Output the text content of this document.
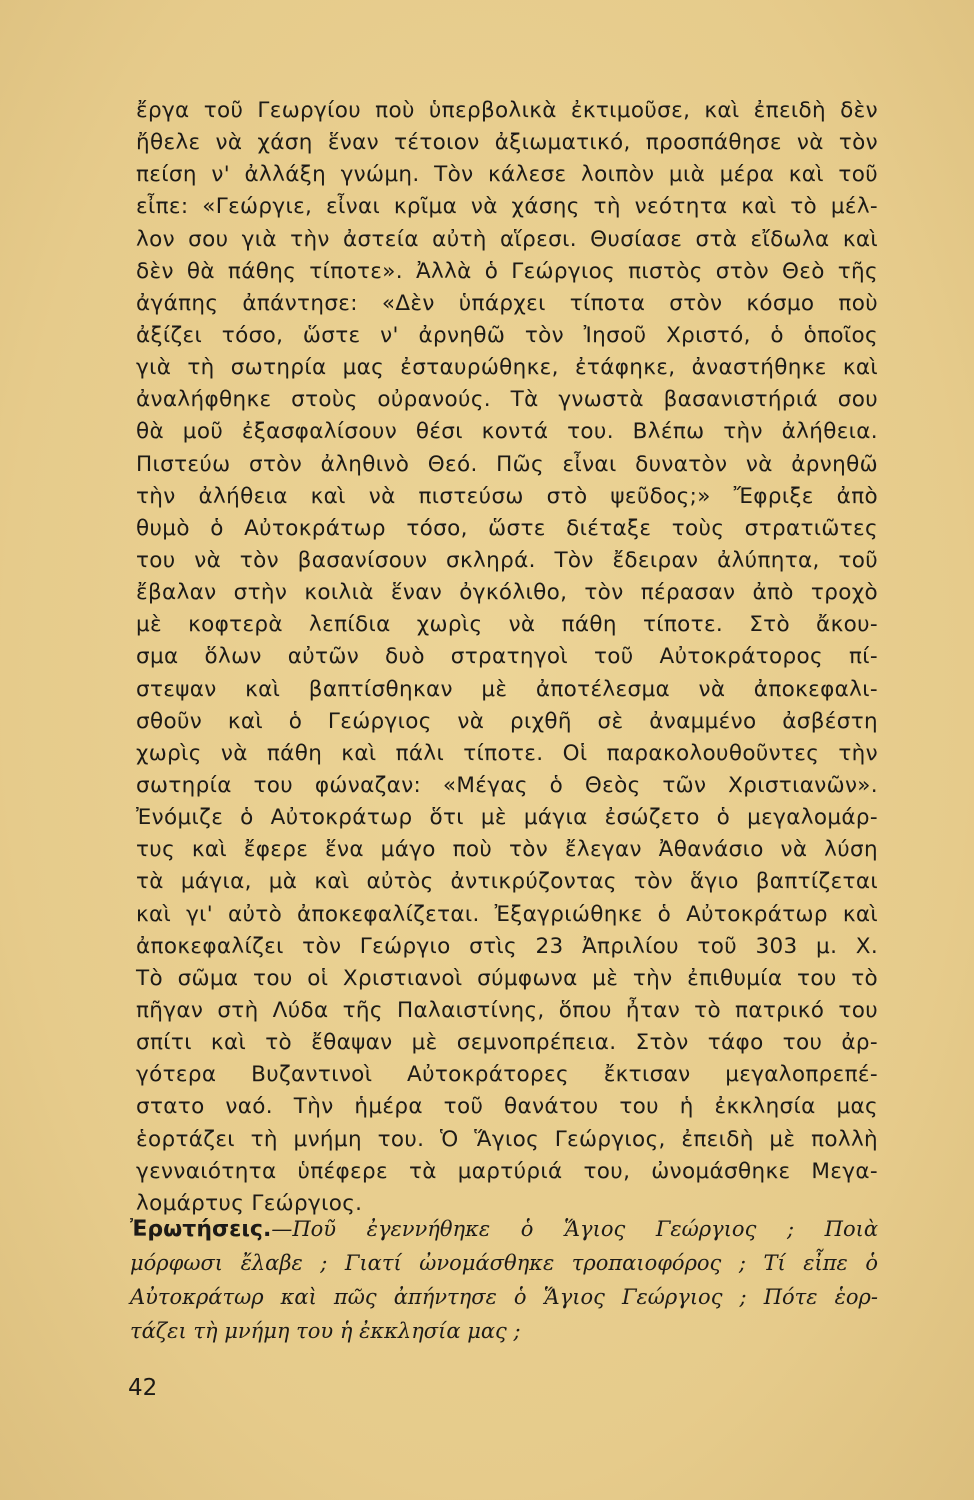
ἔργα τοῦ Γεωργίου ποὺ ὑπερβολικὰ ἐκτιμοῦσε, καὶ ἐπειδὴ δὲν
ἤθελε νὰ χάση ἕναν τέτοιον ἀξιωματικό, προσπάθησε νὰ τὸν
πείση ν' ἀλλάξη γνώμη. Τὸν κάλεσε λοιπὸν μιὰ μέρα καὶ τοῦ
εἶπε: «Γεώργιε, εἶναι κρῖμα νὰ χάσης τὴ νεότητα καὶ τὸ μέλ-
λον σου γιὰ τὴν ἀστεία αὐτὴ αἵρεσι. Θυσίασε στὰ εἴδωλα καὶ
δὲν θὰ πάθης τίποτε». Ἀλλὰ ὁ Γεώργιος πιστὸς στὸν Θεὸ τῆς
ἀγάπης ἀπάντησε: «Δὲν ὑπάρχει τίποτα στὸν κόσμο ποὺ
ἀξίζει τόσο, ὥστε ν' ἀρνηθῶ τὸν Ἰησοῦ Χριστό, ὁ ὁποῖος
γιὰ τὴ σωτηρία μας ἐσταυρώθηκε, ἐτάφηκε, ἀναστήθηκε καὶ
ἀναλήφθηκε στοὺς οὐρανούς. Τὰ γνωστὰ βασανιστήριά σου
θὰ μοῦ ἐξασφαλίσουν θέσι κοντά του. Βλέπω τὴν ἀλήθεια.
Πιστεύω στὸν ἀληθινὸ Θεό. Πῶς εἶναι δυνατὸν νὰ ἀρνηθῶ
τὴν ἀλήθεια καὶ νὰ πιστεύσω στὸ ψεῦδος;» Ἔφριξε ἀπὸ
θυμὸ ὁ Αὐτοκράτωρ τόσο, ὥστε διέταξε τοὺς στρατιῶτες
του νὰ τὸν βασανίσουν σκληρά. Τὸν ἔδειραν ἀλύπητα, τοῦ
ἔβαλαν στὴν κοιλιὰ ἕναν ὀγκόλιθο, τὸν πέρασαν ἀπὸ τροχὸ
μὲ κοφτερὰ λεπίδια χωρὶς νὰ πάθη τίποτε. Στὸ ἄκου-
σμα ὅλων αὐτῶν δυὸ στρατηγοὶ τοῦ Αὐτοκράτορος πί-
στεψαν καὶ βαπτίσθηκαν μὲ ἀποτέλεσμα νὰ ἀποκεφαλι-
σθοῦν καὶ ὁ Γεώργιος νὰ ριχθῆ σὲ ἀναμμένο ἀσβέστη
χωρὶς νὰ πάθη καὶ πάλι τίποτε. Οἱ παρακολουθοῦντες τὴν
σωτηρία του φώναζαν: «Μέγας ὁ Θεὸς τῶν Χριστιανῶν».
Ἐνόμιζε ὁ Αὐτοκράτωρ ὅτι μὲ μάγια ἐσώζετο ὁ μεγαλομάρ-
τυς καὶ ἔφερε ἕνα μάγο ποὺ τὸν ἔλεγαν Ἀθανάσιο νὰ λύση
τὰ μάγια, μὰ καὶ αὐτὸς ἀντικρύζοντας τὸν ἅγιο βαπτίζεται
καὶ γι' αὐτὸ ἀποκεφαλίζεται. Ἐξαγριώθηκε ὁ Αὐτοκράτωρ καὶ
ἀποκεφαλίζει τὸν Γεώργιο στὶς 23 Ἀπριλίου τοῦ 303 μ. Χ.
Τὸ σῶμα του οἱ Χριστιανοὶ σύμφωνα μὲ τὴν ἐπιθυμία του τὸ
πῆγαν στὴ Λύδα τῆς Παλαιστίνης, ὅπου ἦταν τὸ πατρικό του
σπίτι καὶ τὸ ἔθαψαν μὲ σεμνοπρέπεια. Στὸν τάφο του ἀρ-
γότερα Βυζαντινοὶ Αὐτοκράτορες ἔκτισαν μεγαλοπρεπέ-
στατο ναό. Τὴν ἡμέρα τοῦ θανάτου του ἡ ἐκκλησία μας
ἑορτάζει τὴ μνήμη του. Ὁ Ἅγιος Γεώργιος, ἐπειδὴ μὲ πολλὴ
γενναιότητα ὑπέφερε τὰ μαρτύριά του, ὠνομάσθηκε Μεγα-
λομάρτυς Γεώργιος.
Ἐρωτήσεις.—Ποῦ ἐγεννήθηκε ὁ Ἅγιος Γεώργιος ; Ποιὰ
μόρφωσι ἔλαβε ; Γιατί ὠνομάσθηκε τροπαιοφόρος ; Τί εἶπε ὁ
Αὐτοκράτωρ καὶ πῶς ἀπήντησε ὁ Ἅγιος Γεώργιος ; Πότε ἑορ-
τάζει τὴ μνήμη του ἡ ἐκκλησία μας ;
42
